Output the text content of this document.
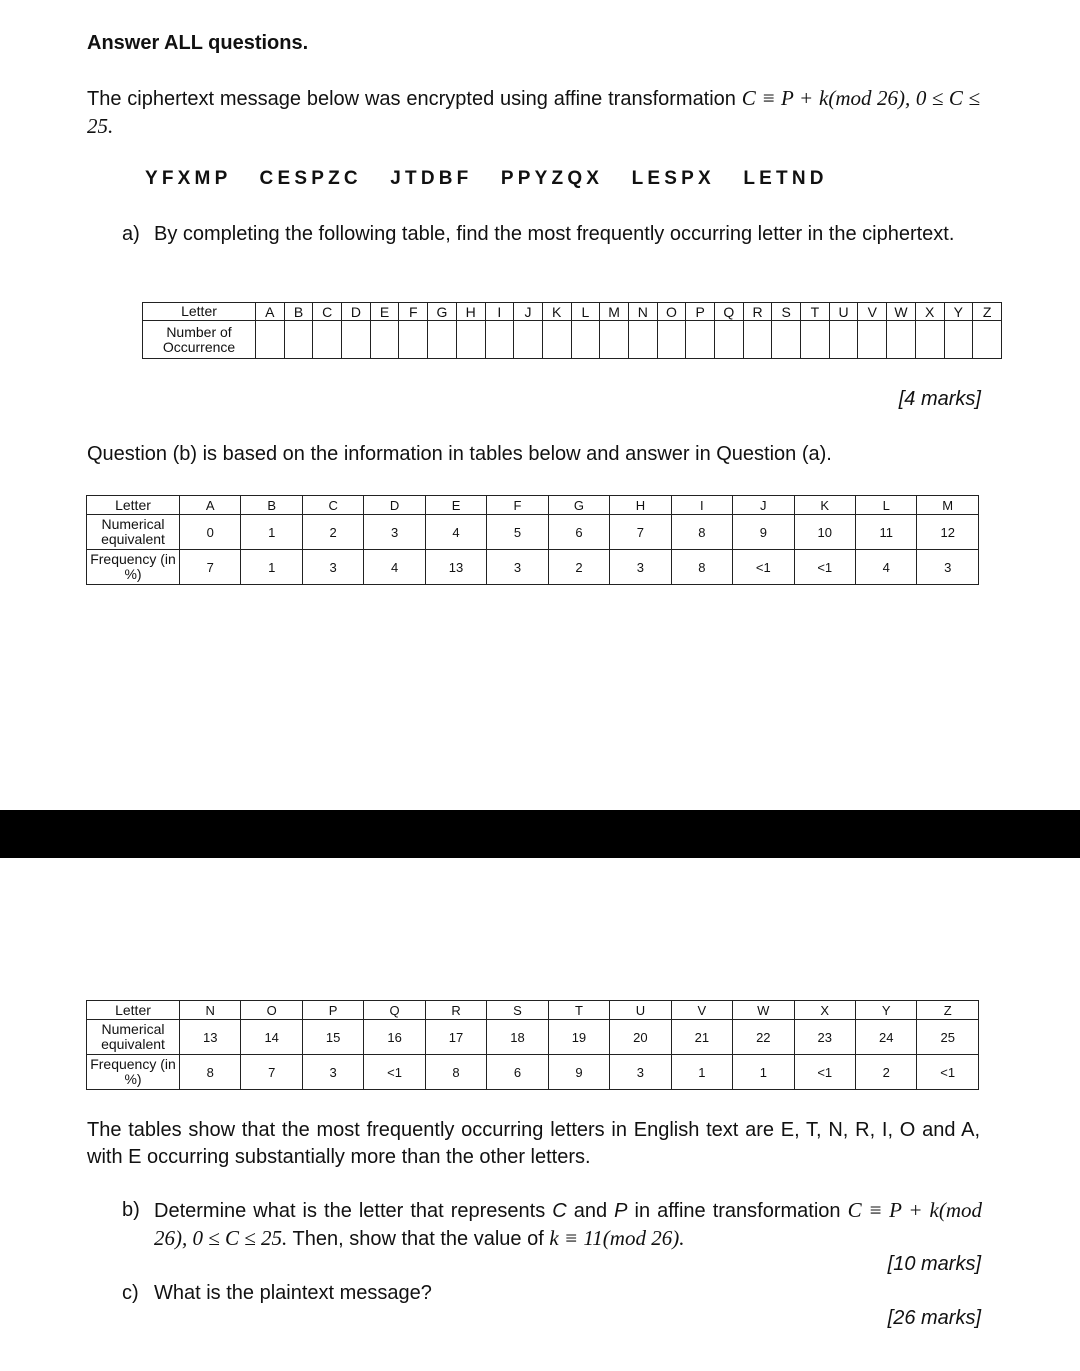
Answer ALL questions.
The ciphertext message below was encrypted using affine transformation C ≡ P + k(mod 26), 0 ≤ C ≤ 25.
YFXMP   CESPZC   JTDBF   PPYZQX   LESPX   LETND
a) By completing the following table, find the most frequently occurring letter in the ciphertext.
Letter	A	B	C	D	E	F	G	H	I	J	K	L	M	N	O	P	Q	R	S	T	U	V	W	X	Y	Z
Number of Occurrence																										
[4 marks]
Question (b) is based on the information in tables below and answer in Question (a).
Letter	A	B	C	D	E	F	G	H	I	J	K	L	M
Numerical equivalent	0	1	2	3	4	5	6	7	8	9	10	11	12
Frequency (in %)	7	1	3	4	13	3	2	3	8	<1	<1	4	3
Letter	N	O	P	Q	R	S	T	U	V	W	X	Y	Z
Numerical equivalent	13	14	15	16	17	18	19	20	21	22	23	24	25
Frequency (in %)	8	7	3	<1	8	6	9	3	1	1	<1	2	<1
The tables show that the most frequently occurring letters in English text are E, T, N, R, I, O and A, with E occurring substantially more than the other letters.
b) Determine what is the letter that represents C and P in affine transformation C ≡ P + k(mod 26), 0 ≤ C ≤ 25. Then, show that the value of k ≡ 11(mod 26).
[10 marks]
c) What is the plaintext message?
[26 marks]
